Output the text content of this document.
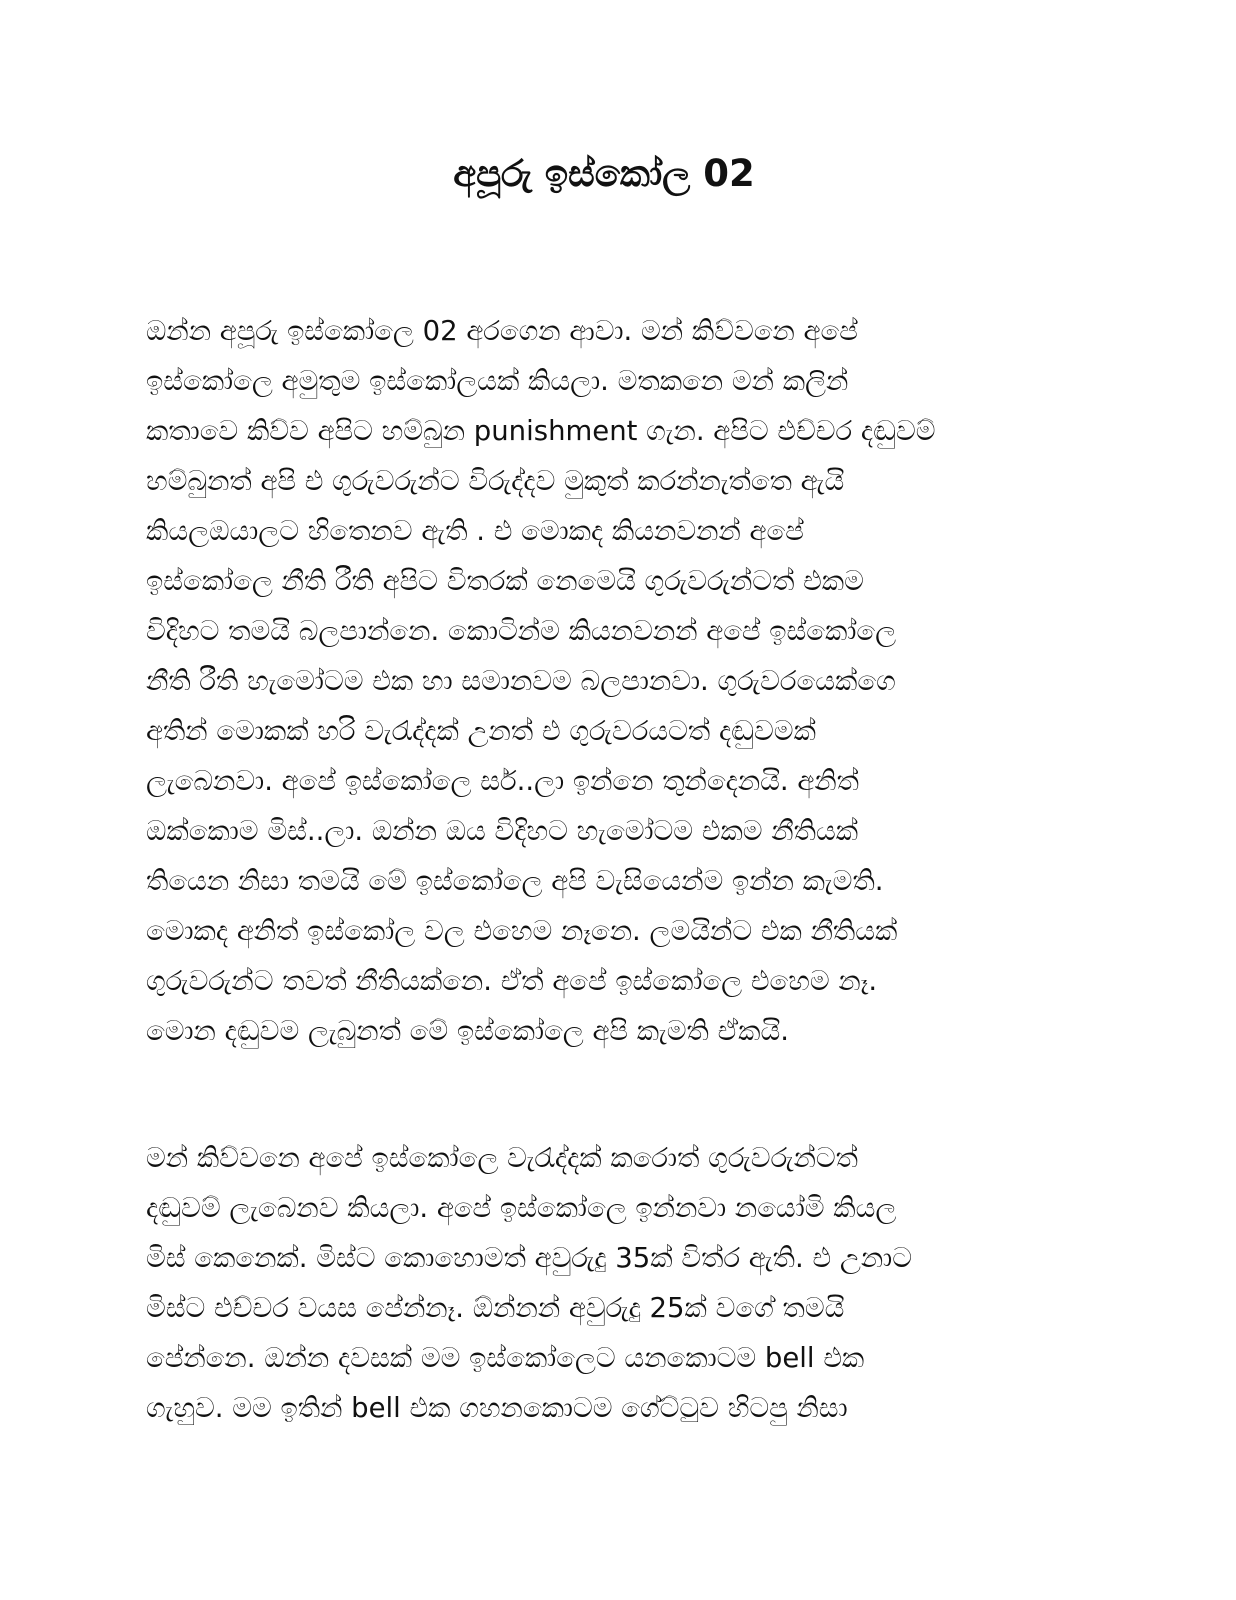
අපූරු ඉස්කෝල 02
ඔන්න අපූරු ඉස්කෝලෙ 02 අරගෙන ආවා. මන් කිව්වනෙ අපේ
ඉස්කෝලෙ අමුතුම ඉස්කෝලයක් කියලා. මතකනෙ මන් කලින්
කතාවෙ කිව්ව අපිට හම්බුන punishment ගැන. අපිට එච්චර දඬුවම්
හම්බුනත් අපි එ ගුරුවරුන්ට විරුද්දව මුකුත් කරන්නැත්තෙ ඇයි
කියලඔයාලට හිතෙනව ඇති . එ මොකද කියනවනන් අපේ
ඉස්කෝලෙ නීති රීති අපිට විතරක් නෙමෙයි ගුරුවරුන්ටත් එකම
විදිහට තමයි බලපාන්නෙ. කොටින්ම කියනවනන් අපේ ඉස්කෝලෙ
නීති රීති හැමෝටම එක හා සමානවම බලපානවා. ගුරුවරයෙක්ගෙ
අතින් මොකක් හරි වැරැද්දක් උනත් එ ගුරුවරයටත් දඬුවමක්
ලැබෙනවා. අපේ ඉස්කෝලෙ සර්..ලා ඉන්නෙ තුන්දෙනයි. අනිත්
ඔක්කොම මිස්..ලා. ඔන්න ඔය විදිහට හැමෝටම එකම නීතියක්
තියෙන නිසා තමයි මේ ඉස්කෝලෙ අපි වැසියෙන්ම ඉන්න කැමති.
මොකද අනිත් ඉස්කෝල වල එහෙම නෑනෙ. ලමයින්ට එක නීතියක්
ගුරුවරුන්ට තවත් නීතියක්නෙ. ඒත් අපේ ඉස්කෝලෙ එහෙම නෑ.
මොන දඬුවම ලැබුනත් මේ ඉස්කෝලෙ අපි කැමති ඒකයි.
මන් කිව්වනෙ අපේ ඉස්කෝලෙ වැරැද්දක් කරොත් ගුරුවරුන්ටත්
දඬුවම් ලැබෙනව කියලා. අපේ ඉස්කෝලෙ ඉන්නවා නයෝමි කියල
මිස් කෙනෙක්. මිස්ට කොහොමත් අවුරුදු 35ක් විත්ර ඇති. එ උනාට
මිස්ට එච්චර වයස පේන්නෑ. ඕන්නන් අවුරුදු 25ක් වගේ තමයි
පේන්නෙ. ඔන්න දවසක් මම ඉස්කෝලෙට යනකොටම bell එක
ගැහුව. මම ඉතින් bell එක ගහනකොටම ගේට්ටුව හිටපු නිසා
